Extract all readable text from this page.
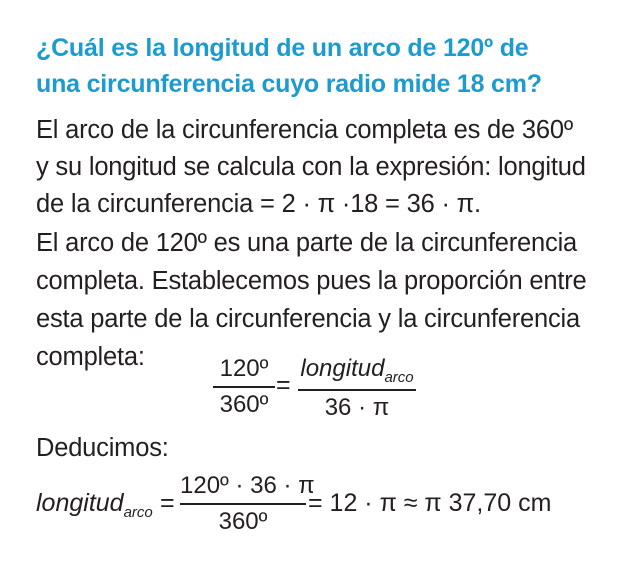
¿Cuál es la longitud de un arco de 120º de
una circunferencia cuyo radio mide 18 cm?
El arco de la circunferencia completa es de 360º
y su longitud se calcula con la expresión: longitud
de la circunferencia = 2 · π ·18 = 36 · π.
El arco de 120º es una parte de la circunferencia
completa. Establecemos pues la proporción entre
esta parte de la circunferencia y la circunferencia
completa:	120º
360º
=
longitud$_{arco}$
36 · π
Deducimos:
longitud$_{arco}$ =
120º · 36 · π
360º
= 12 · π ≈ π 37,70 cm
